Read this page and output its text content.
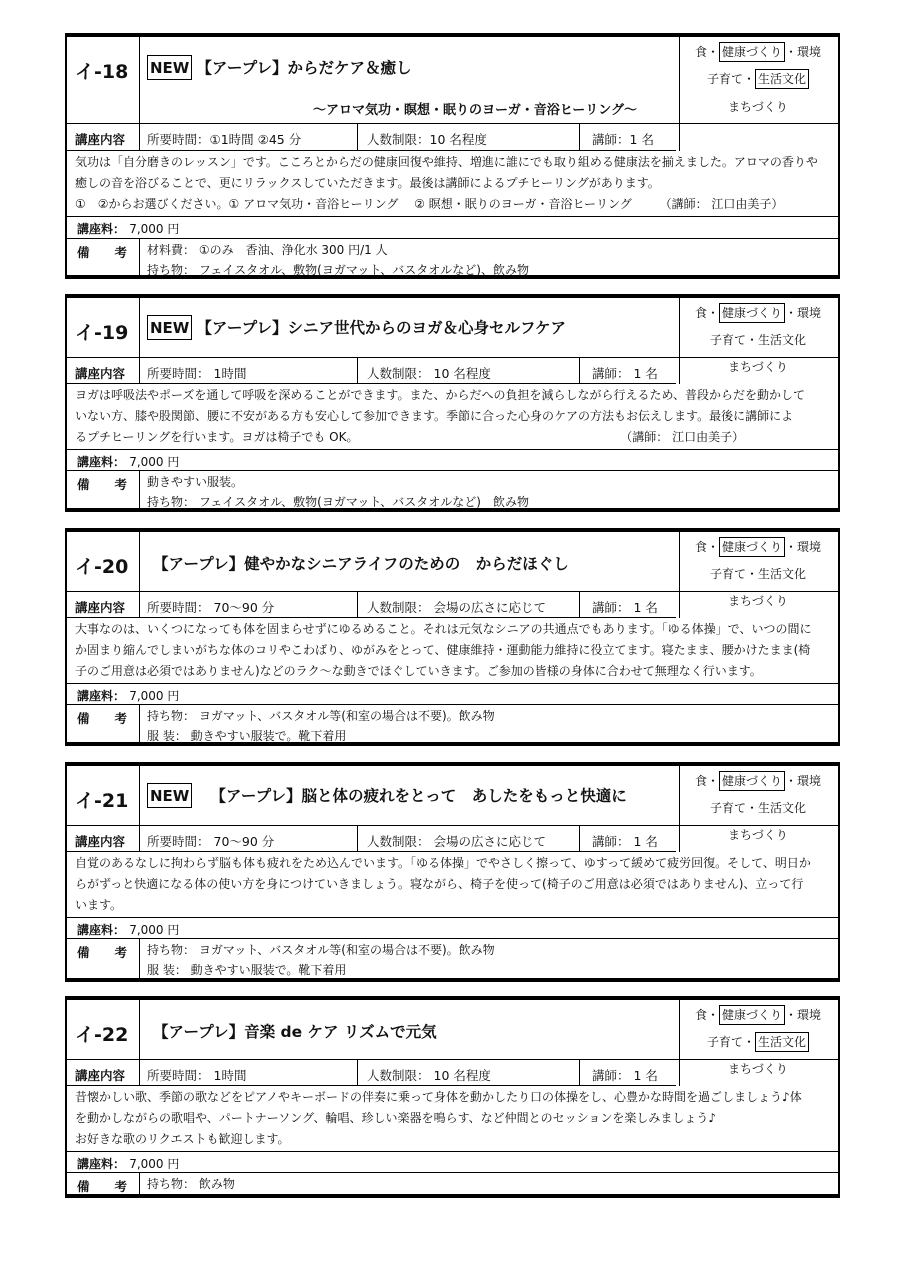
イ-18 NEW 【アープレ】からだケア＆癒し
～アロマ気功・瞑想・眠りのヨーガ・音浴ヒーリング～
食・ 健康づくり ・環境
子育て・ 生活文化
まちづくり
講座内容 所要時間：①1時間 ②45 分	人数制限：10 名程度	講師：1 名
気功は「自分磨きのレッスン」です。こころとからだの健康回復や維持、増進に誰にでも取り組める健康法を揃えました。アロマの香りや
癒しの音を浴びることで、更にリラックスしていただきます。最後は講師によるプチヒーリングがあります。
①　②からお選びください。① アロマ気功・音浴ヒーリング　 ② 瞑想・眠りのヨーガ・音浴ヒーリング　　 （講師： 江口由美子）
講座料： 7,000 円
備 考 材料費： ①のみ　香油、浄化水 300 円/1 人
持ち物： フェイスタオル、敷物(ヨガマット、バスタオルなど)、飲み物
イ-19 NEW 【アープレ】シニア世代からのヨガ＆心身セルフケア
食・ 健康づくり ・環境
子育て・生活文化
まちづくり
講座内容 所要時間： 1時間	人数制限： 10 名程度	講師： 1 名
ヨガは呼吸法やポーズを通して呼吸を深めることができます。また、からだへの負担を減らしながら行えるため、普段からだを動かして
いない方、膝や股関節、腰に不安がある方も安心して参加できます。季節に合った心身のケアの方法もお伝えします。最後に講師によ
るプチヒーリングを行います。ヨガは椅子でも OK。　　　　　　　　　　　　　　　　　　　　　　 （講師： 江口由美子）
講座料： 7,000 円
備 考 動きやすい服装。
持ち物： フェイスタオル、敷物(ヨガマット、バスタオルなど)　飲み物
イ-20 【アープレ】健やかなシニアライフのための　からだほぐし
食・ 健康づくり ・環境
子育て・生活文化
まちづくり
講座内容 所要時間： 70～90 分	人数制限： 会場の広さに応じて	講師： 1 名
大事なのは、いくつになっても体を固まらせずにゆるめること。それは元気なシニアの共通点でもあります。「ゆる体操」で、いつの間に
か固まり縮んでしまいがちな体のコリやこわばり、ゆがみをとって、健康維持・運動能力維持に役立てます。寝たまま、腰かけたまま(椅
子のご用意は必須ではありません)などのラク～な動きでほぐしていきます。ご参加の皆様の身体に合わせて無理なく行います。
講座料： 7,000 円
備 考 持ち物： ヨガマット、バスタオル等(和室の場合は不要)。飲み物
服 装： 動きやすい服装で。靴下着用
イ-21 NEW 【アープレ】脳と体の疲れをとって　あしたをもっと快適に
食・ 健康づくり ・環境
子育て・生活文化
まちづくり
講座内容 所要時間： 70～90 分	人数制限： 会場の広さに応じて	講師： 1 名
自覚のあるなしに拘わらず脳も体も疲れをため込んでいます。「ゆる体操」でやさしく擦って、ゆすって緩めて疲労回復。そして、明日か
らがずっと快適になる体の使い方を身につけていきましょう。寝ながら、椅子を使って(椅子のご用意は必須ではありません)、立って行
います。
講座料： 7,000 円
備 考 持ち物： ヨガマット、バスタオル等(和室の場合は不要)。飲み物
服 装： 動きやすい服装で。靴下着用
イ-22 【アープレ】音楽 de ケア リズムで元気
食・ 健康づくり ・環境
子育て・ 生活文化
まちづくり
講座内容 所要時間： 1時間	人数制限： 10 名程度	講師： 1 名
昔懐かしい歌、季節の歌などをピアノやキーボードの伴奏に乗って身体を動かしたり口の体操をし、心豊かな時間を過ごしましょう♪体
を動かしながらの歌唱や、パートナーソング、輪唱、珍しい楽器を鳴らす、など仲間とのセッションを楽しみましょう♪
お好きな歌のリクエストも歓迎します。
講座料： 7,000 円
備 考 持ち物： 飲み物
